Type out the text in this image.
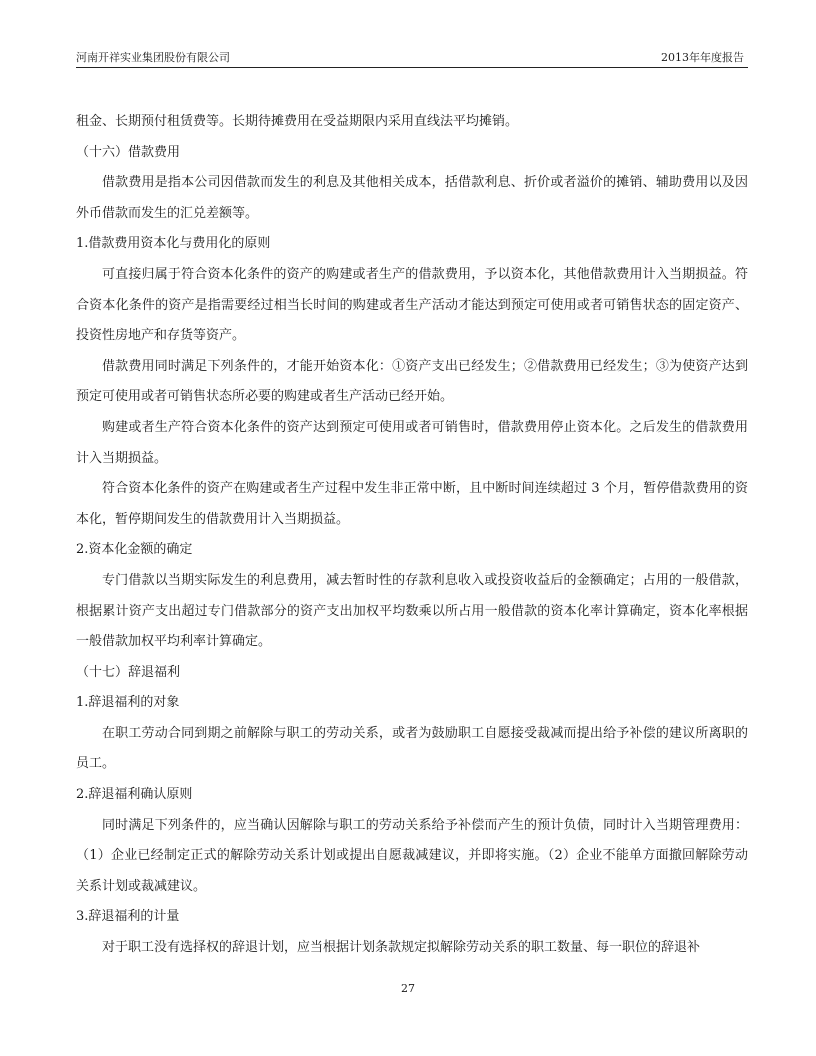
河南开祥实业集团股份有限公司	2013年年度报告

租金、长期预付租赁费等。长期待摊费用在受益期限内采用直线法平均摊销。

（十六）借款费用

借款费用是指本公司因借款而发生的利息及其他相关成本，括借款利息、折价或者溢价的摊销、辅助费用以及因外币借款而发生的汇兑差额等。

1.借款费用资本化与费用化的原则

可直接归属于符合资本化条件的资产的购建或者生产的借款费用，予以资本化，其他借款费用计入当期损益。符合资本化条件的资产是指需要经过相当长时间的购建或者生产活动才能达到预定可使用或者可销售状态的固定资产、投资性房地产和存货等资产。

借款费用同时满足下列条件的，才能开始资本化：①资产支出已经发生；②借款费用已经发生；③为使资产达到预定可使用或者可销售状态所必要的购建或者生产活动已经开始。

购建或者生产符合资本化条件的资产达到预定可使用或者可销售时，借款费用停止资本化。之后发生的借款费用计入当期损益。

符合资本化条件的资产在购建或者生产过程中发生非正常中断，且中断时间连续超过 3 个月，暂停借款费用的资本化，暂停期间发生的借款费用计入当期损益。

2.资本化金额的确定

专门借款以当期实际发生的利息费用，减去暂时性的存款利息收入或投资收益后的金额确定；占用的一般借款，根据累计资产支出超过专门借款部分的资产支出加权平均数乘以所占用一般借款的资本化率计算确定，资本化率根据一般借款加权平均利率计算确定。

（十七）辞退福利

1.辞退福利的对象

在职工劳动合同到期之前解除与职工的劳动关系，或者为鼓励职工自愿接受裁减而提出给予补偿的建议所离职的员工。

2.辞退福利确认原则

同时满足下列条件的，应当确认因解除与职工的劳动关系给予补偿而产生的预计负债，同时计入当期管理费用：（1）企业已经制定正式的解除劳动关系计划或提出自愿裁减建议，并即将实施。（2）企业不能单方面撤回解除劳动关系计划或裁减建议。

3.辞退福利的计量

对于职工没有选择权的辞退计划，应当根据计划条款规定拟解除劳动关系的职工数量、每一职位的辞退补

27
